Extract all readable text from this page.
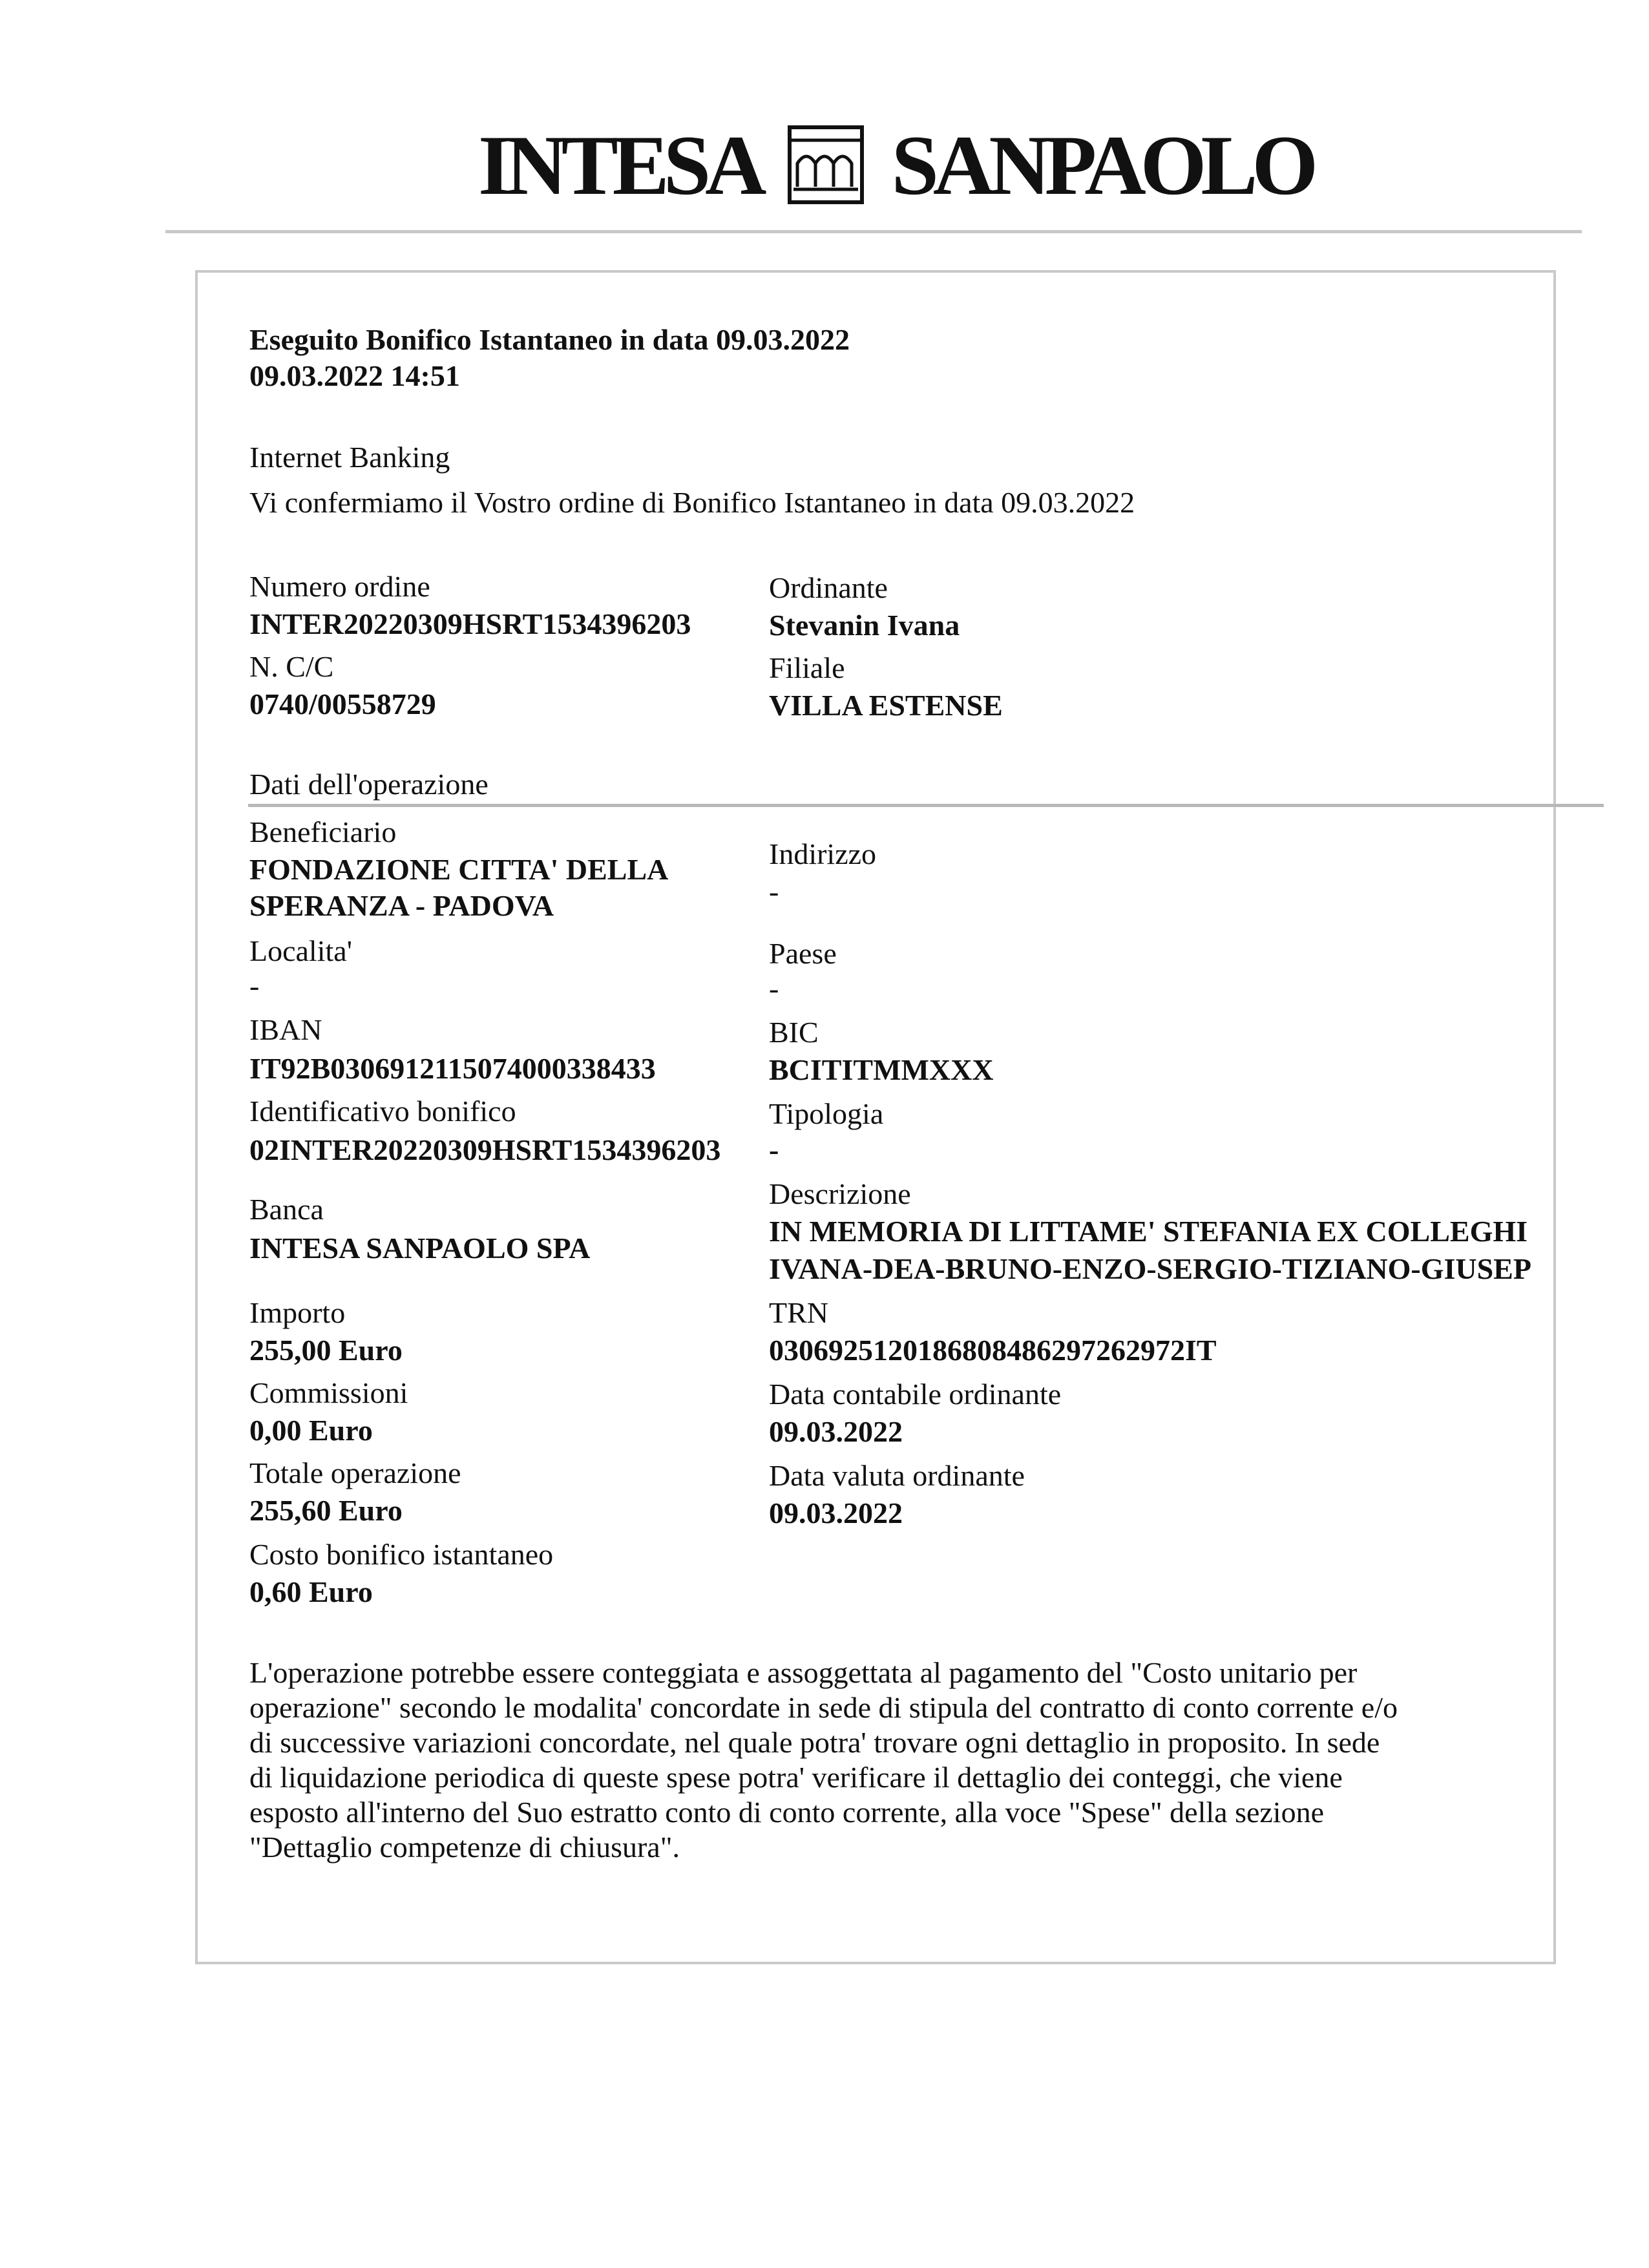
INTESA SANPAOLO
Eseguito Bonifico Istantaneo in data 09.03.2022
09.03.2022 14:51
Internet Banking
Vi confermiamo il Vostro ordine di Bonifico Istantaneo in data 09.03.2022
Numero ordine
INTER20220309HSRT1534396203
N. C/C
0740/00558729
Ordinante
Stevanin Ivana
Filiale
VILLA ESTENSE
Dati dell'operazione
Beneficiario
FONDAZIONE CITTA' DELLA
SPERANZA - PADOVA
Localita'
-
IBAN
IT92B0306912115074000338433
Identificativo bonifico
02INTER20220309HSRT1534396203
Banca
INTESA SANPAOLO SPA
Importo
255,00 Euro
Commissioni
0,00 Euro
Totale operazione
255,60 Euro
Costo bonifico istantaneo
0,60 Euro
Indirizzo
-
Paese
-
BIC
BCITITMMXXX
Tipologia
-
Descrizione
IN MEMORIA DI LITTAME' STEFANIA EX COLLEGHI
IVANA-DEA-BRUNO-ENZO-SERGIO-TIZIANO-GIUSEP
TRN
0306925120186808486297262972IT
Data contabile ordinante
09.03.2022
Data valuta ordinante
09.03.2022
L'operazione potrebbe essere conteggiata e assoggettata al pagamento del "Costo unitario per
operazione" secondo le modalita' concordate in sede di stipula del contratto di conto corrente e/o
di successive variazioni concordate, nel quale potra' trovare ogni dettaglio in proposito. In sede
di liquidazione periodica di queste spese potra' verificare il dettaglio dei conteggi, che viene
esposto all'interno del Suo estratto conto di conto corrente, alla voce "Spese" della sezione
"Dettaglio competenze di chiusura".
